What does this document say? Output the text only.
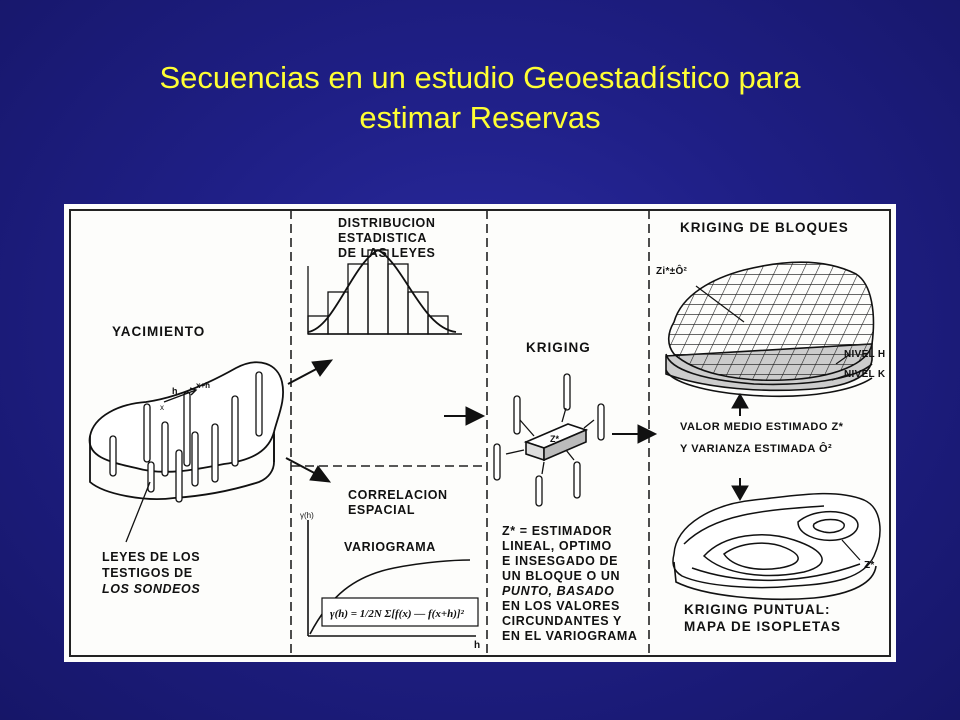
Secuencias en un estudio Geoestadístico para
estimar Reservas
γ(h) = 1/2N Σ[f(x) — f(x+h)]²
γ(h)
h
h
x
x+h
Z*
YACIMIENTO
LEYES DE LOS
TESTIGOS DE
LOS SONDEOS
DISTRIBUCION
ESTADISTICA
DE LAS LEYES
CORRELACION
ESPACIAL
VARIOGRAMA
KRIGING
Z* = ESTIMADOR
LINEAL, OPTIMO
E INSESGADO DE
UN BLOQUE O UN
PUNTO, BASADO
EN LOS VALORES
CIRCUNDANTES Y
EN EL VARIOGRAMA
KRIGING DE BLOQUES
Zi*±Ô²
NIVEL H
NIVEL K
VALOR MEDIO ESTIMADO Z*
Y VARIANZA ESTIMADA Ô²
Z*
KRIGING PUNTUAL:
MAPA DE ISOPLETAS
